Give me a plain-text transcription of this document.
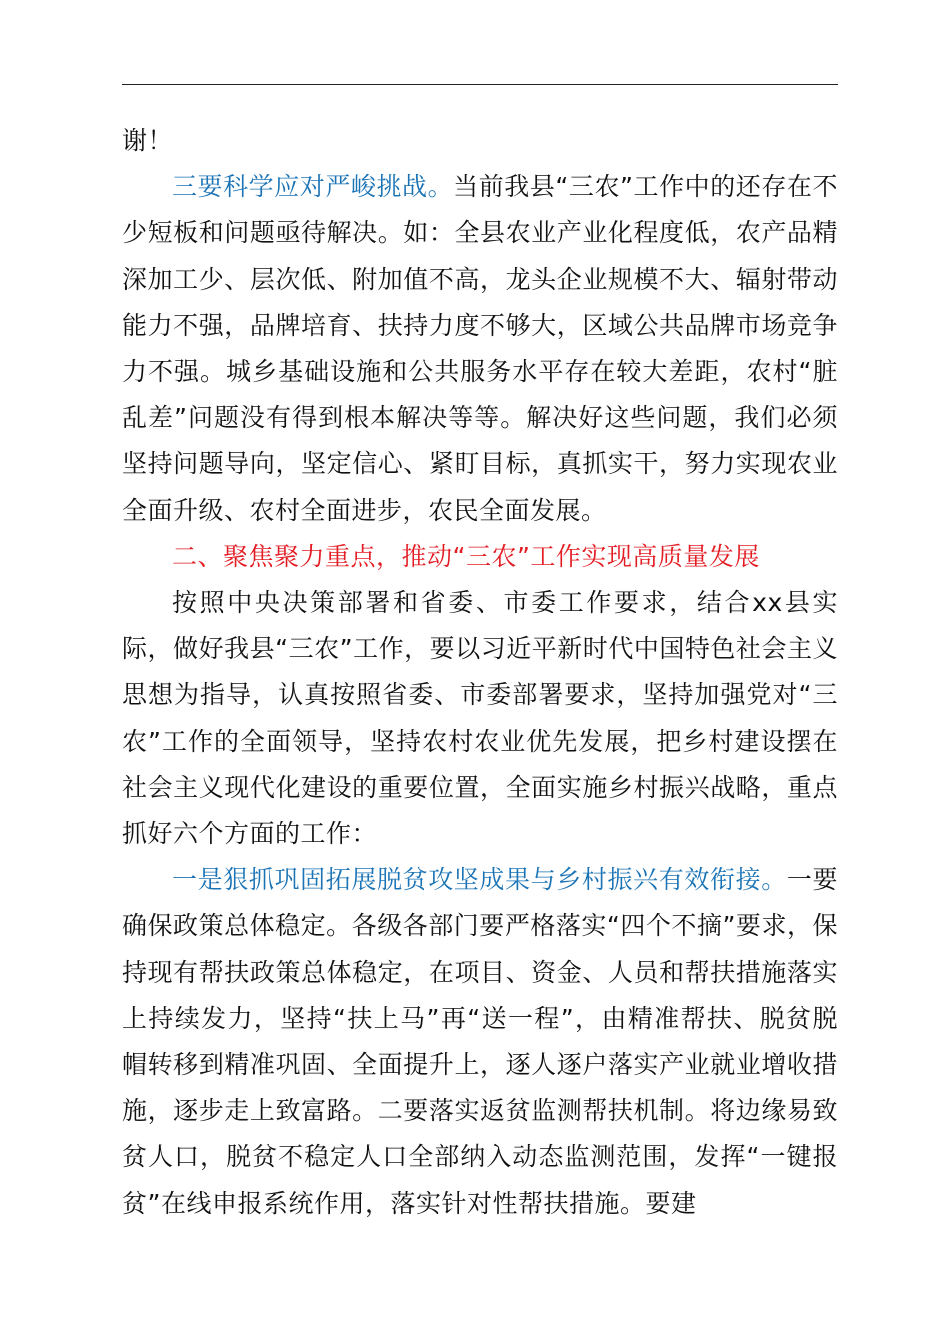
谢！

三要科学应对严峻挑战。当前我县“三农”工作中的还存在不少短板和问题亟待解决。如：全县农业产业化程度低，农产品精深加工少、层次低、附加值不高，龙头企业规模不大、辐射带动能力不强，品牌培育、扶持力度不够大，区域公共品牌市场竞争力不强。城乡基础设施和公共服务水平存在较大差距，农村“脏乱差”问题没有得到根本解决等等。解决好这些问题，我们必须坚持问题导向，坚定信心、紧盯目标，真抓实干，努力实现农业全面升级、农村全面进步，农民全面发展。

二、聚焦聚力重点，推动“三农”工作实现高质量发展

按照中央决策部署和省委、市委工作要求，结合xx县实际，做好我县“三农”工作，要以习近平新时代中国特色社会主义思想为指导，认真按照省委、市委部署要求，坚持加强党对“三农”工作的全面领导，坚持农村农业优先发展，把乡村建设摆在社会主义现代化建设的重要位置，全面实施乡村振兴战略，重点抓好六个方面的工作：

一是狠抓巩固拓展脱贫攻坚成果与乡村振兴有效衔接。一要确保政策总体稳定。各级各部门要严格落实“四个不摘”要求，保持现有帮扶政策总体稳定，在项目、资金、人员和帮扶措施落实上持续发力，坚持“扶上马”再“送一程”，由精准帮扶、脱贫脱帽转移到精准巩固、全面提升上，逐人逐户落实产业就业增收措施，逐步走上致富路。二要落实返贫监测帮扶机制。将边缘易致贫人口，脱贫不稳定人口全部纳入动态监测范围，发挥“一键报贫”在线申报系统作用，落实针对性帮扶措施。要建
